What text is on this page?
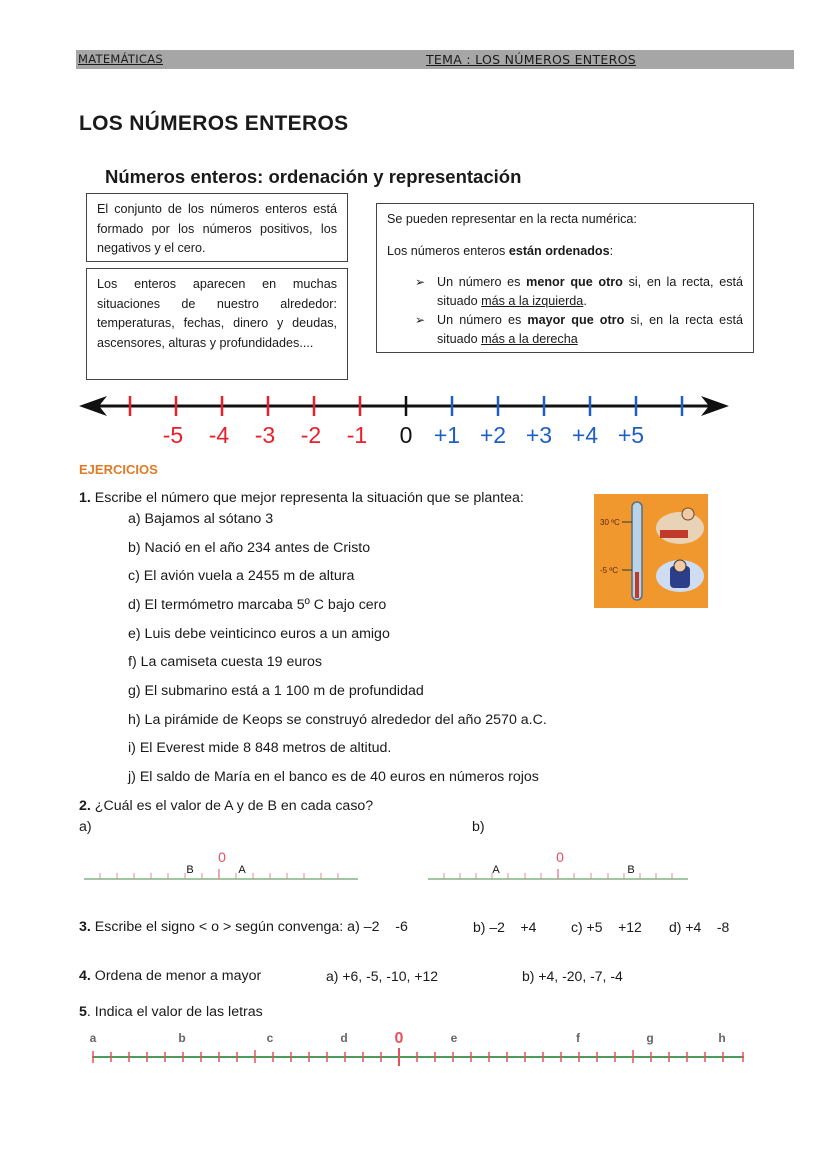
MATEMÁTICAS	TEMA : LOS NÚMEROS ENTEROS
LOS NÚMEROS ENTEROS
Números enteros: ordenación y representación

El conjunto de los números enteros está formado por los números positivos, los negativos y el cero.

Los enteros aparecen en muchas situaciones de nuestro alrededor: temperaturas, fechas, dinero y deudas, ascensores, alturas y profundidades....

Se pueden representar en la recta numérica:
Los números enteros están ordenados:
➢ Un número es menor que otro si, en la recta, está situado más a la izquierda.
➢ Un número es mayor que otro si, en la recta está situado más a la derecha
-5 -4 -3 -2 -1 0 +1 +2 +3 +4 +5
EJERCICIOS
1. Escribe el número que mejor representa la situación que se plantea:
a) Bajamos al sótano 3
b) Nació en el año 234 antes de Cristo
c) El avión vuela a 2455 m de altura
d) El termómetro marcaba 5º C bajo cero
e) Luis debe veinticinco euros a un amigo
f) La camiseta cuesta 19 euros
g) El submarino está a 1 100 m de profundidad
h) La pirámide de Keops se construyó alrededor del año 2570 a.C.
i) El Everest mide 8 848 metros de altitud.
j) El saldo de María en el banco es de 40 euros en números rojos
30 ºC
-5 ºC
2. ¿Cuál es el valor de A y de B en cada caso?
a)	b)
0
B	A
0
A	B
3. Escribe el signo < o > según convenga: a) –2    -6	b) –2    +4 c) +5    +12 d) +4    -8
4. Ordena de menor a mayor	a) +6, -5, -10, +12	b) +4, -20, -7, -4
5. Indica el valor de las letras
a	b	c	d	e	f	g	h
0
